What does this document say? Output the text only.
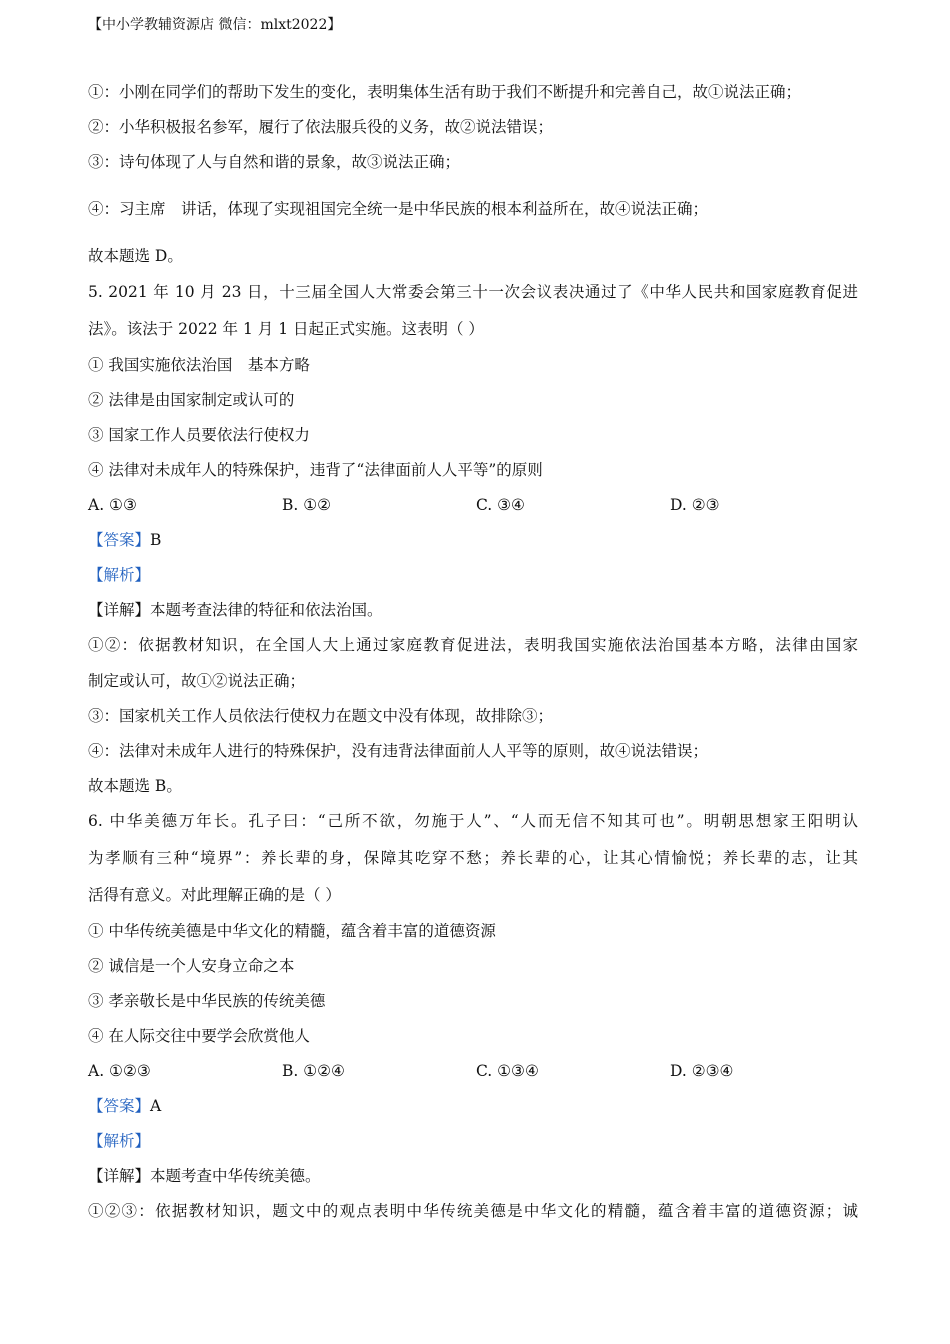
【中小学教辅资源店 微信：mlxt2022】
①：小刚在同学们的帮助下发生的变化，表明集体生活有助于我们不断提升和完善自己，故①说法正确；
②：小华积极报名参军，履行了依法服兵役的义务，故②说法错误；
③：诗句体现了人与自然和谐的景象，故③说法正确；
④：习主席　讲话，体现了实现祖国完全统一是中华民族的根本利益所在，故④说法正确；
故本题选 D。
5. 2021 年 10 月 23 日，十三届全国人大常委会第三十一次会议表决通过了《中华人民共和国家庭教育促进
法》。该法于 2022 年 1 月 1 日起正式实施。这表明（ ）
① 我国实施依法治国　基本方略
② 法律是由国家制定或认可的
③ 国家工作人员要依法行使权力
④ 法律对未成年人的特殊保护，违背了“法律面前人人平等”的原则
A. ①③	B. ①②	C. ③④	D. ②③
【答案】B
【解析】
【详解】本题考查法律的特征和依法治国。
①②：依据教材知识，在全国人大上通过家庭教育促进法，表明我国实施依法治国基本方略，法律由国家
制定或认可，故①②说法正确；
③：国家机关工作人员依法行使权力在题文中没有体现，故排除③；
④：法律对未成年人进行的特殊保护，没有违背法律面前人人平等的原则，故④说法错误；
故本题选 B。
6. 中华美德万年长。孔子曰：“己所不欲，勿施于人”、“人而无信不知其可也”。明朝思想家王阳明认
为孝顺有三种“境界”：养长辈的身，保障其吃穿不愁；养长辈的心，让其心情愉悦；养长辈的志，让其
活得有意义。对此理解正确的是（ ）
① 中华传统美德是中华文化的精髓，蕴含着丰富的道德资源
② 诚信是一个人安身立命之本
③ 孝亲敬长是中华民族的传统美德
④ 在人际交往中要学会欣赏他人
A. ①②③	B. ①②④	C. ①③④	D. ②③④
【答案】A
【解析】
【详解】本题考查中华传统美德。
①②③：依据教材知识，题文中的观点表明中华传统美德是中华文化的精髓，蕴含着丰富的道德资源；诚
